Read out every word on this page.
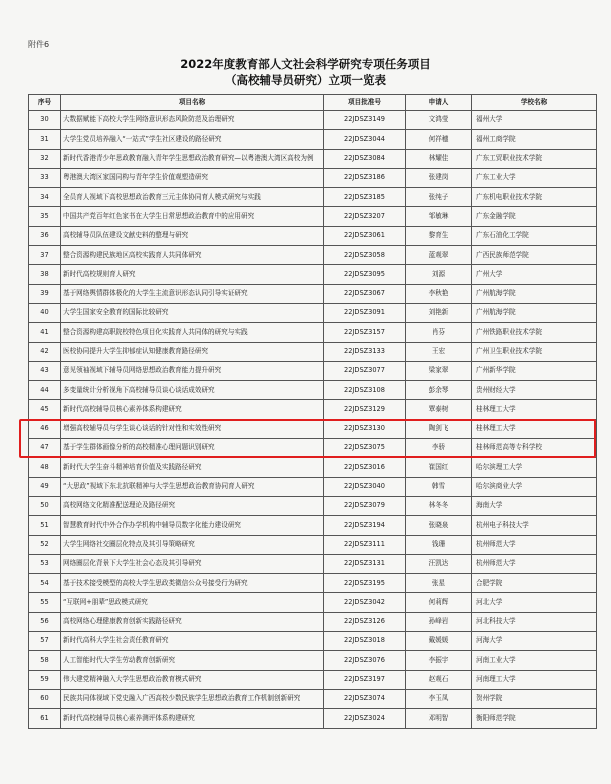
附件6
2022年度教育部人文社会科学研究专项任务项目
（高校辅导员研究）立项一览表
序号	项目名称	项目批准号	申请人	学校名称
30	大数据赋能下高校大学生网络意识形态风险防范及治理研究	22JDSZ3149	文鸿莹	福州大学
31	大学生党员培养融入“一站式”学生社区建设的路径研究	22JDSZ3044	何祥穗	福州工商学院
32	新时代香港青少年思政教育融入青年学生思想政治教育研究—以粤港澳大湾区高校为例	22JDSZ3084	林耀佳	广东工贸职业技术学院
33	粤港澳大湾区家国同构与青年学生价值观塑造研究	22JDSZ3186	张建岗	广东工业大学
34	全员育人视域下高校思想政治教育三元主体协同育人模式研究与实践	22JDSZ3185	张纯子	广东机电职业技术学院
35	中国共产党百年红色家书在大学生日常思想政治教育中的应用研究	22JDSZ3207	邹敏琳	广东金融学院
36	高校辅导员队伍建设文献史料的整理与研究	22JDSZ3061	黎育生	广东石油化工学院
37	整合资源构建民族地区高校实践育人共同体研究	22JDSZ3058	蓝观翠	广西民族师范学院
38	新时代高校规则育人研究	22JDSZ3095	刘源	广州大学
39	基于网络舆情群体极化的大学生主流意识形态认同引导实证研究	22JDSZ3067	李秋艳	广州航海学院
40	大学生国家安全教育的国际比较研究	22JDSZ3091	刘艳新	广州航海学院
41	整合资源构建高职院校特色项目化实践育人共同体的研究与实践	22JDSZ3157	肖芬	广州铁路职业技术学院
42	医校协同提升大学生抑郁症认知健康教育路径研究	22JDSZ3133	王宏	广州卫生职业技术学院
43	意见领袖视域下辅导员网络思想政治教育能力提升研究	22JDSZ3077	梁家翠	广州新华学院
44	多变量统计分析视角下高校辅导员谈心谈话成效研究	22JDSZ3108	彭余琴	贵州财经大学
45	新时代高校辅导员核心素养体系构建研究	22JDSZ3129	覃泰树	桂林理工大学
46	增强高校辅导员与学生谈心谈话的针对性和实效性研究	22JDSZ3130	陶剑飞	桂林理工大学
47	基于学生群体画像分析的高校精准心理问题识别研究	22JDSZ3075	李骄	桂林师范高等专科学校
48	新时代大学生奋斗精神培育价值及实践路径研究	22JDSZ3016	崔国红	哈尔滨理工大学
49	“大思政”视域下东北抗联精神与大学生思想政治教育协同育人研究	22JDSZ3040	韩雪	哈尔滨商业大学
50	高校网络文化精准配送理论及路径研究	22JDSZ3079	林冬冬	海南大学
51	智慧教育时代中外合作办学机构中辅导员数字化能力建设研究	22JDSZ3194	张晓泉	杭州电子科技大学
52	大学生网络社交圈层化特点及其引导策略研究	22JDSZ3111	钱珊	杭州师范大学
53	网络圈层化背景下大学生社会心态及其引导研究	22JDSZ3131	汪凯达	杭州师范大学
54	基于技术接受模型的高校大学生思政类微信公众号接受行为研究	22JDSZ3195	张星	合肥学院
55	“互联网+朋辈”思政模式研究	22JDSZ3042	何莉辉	河北大学
56	高校网络心理健康教育创新实践路径研究	22JDSZ3126	孙峰岩	河北科技大学
57	新时代高科大学生社会责任教育研究	22JDSZ3018	戴媛媛	河海大学
58	人工智能时代大学生劳动教育创新研究	22JDSZ3076	李振宇	河南工业大学
59	伟大建党精神融入大学生思想政治教育模式研究	22JDSZ3197	赵观石	河南理工大学
60	民族共同体视域下党史融入广西高校少数民族学生思想政治教育工作机制创新研究	22JDSZ3074	李玉凤	贺州学院
61	新时代高校辅导员核心素养测评体系构建研究	22JDSZ3024	邓明智	衡阳师范学院
